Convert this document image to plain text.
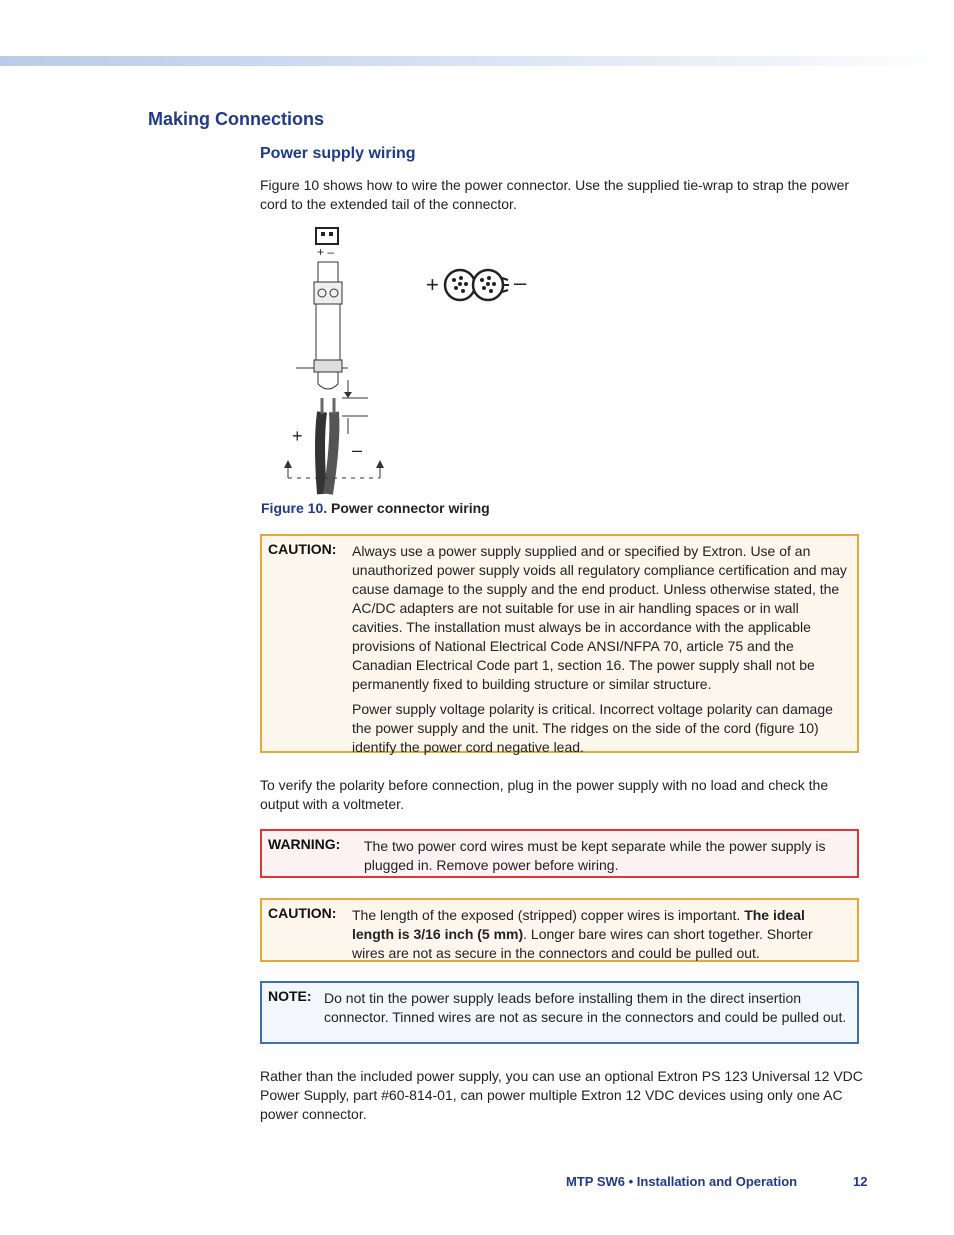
Making Connections
Power supply wiring
Figure 10 shows how to wire the power connector. Use the supplied tie-wrap to strap the power cord to the extended tail of the connector.
+ –
+
–
+	–
Figure 10. Power connector wiring
CAUTION: Always use a power supply supplied and or specified by Extron. Use of an unauthorized power supply voids all regulatory compliance certification and may cause damage to the supply and the end product. Unless otherwise stated, the AC/DC adapters are not suitable for use in air handling spaces or in wall cavities. The installation must always be in accordance with the applicable provisions of National Electrical Code ANSI/NFPA 70, article 75 and the Canadian Electrical Code part 1, section 16. The power supply shall not be permanently fixed to building structure or similar structure.

Power supply voltage polarity is critical. Incorrect voltage polarity can damage the power supply and the unit. The ridges on the side of the cord (figure 10) identify the power cord negative lead.

To verify the polarity before connection, plug in the power supply with no load and check the output with a voltmeter.
WARNING: The two power cord wires must be kept separate while the power supply is plugged in. Remove power before wiring.
CAUTION: The length of the exposed (stripped) copper wires is important. The ideal length is 3/16 inch (5 mm). Longer bare wires can short together. Shorter wires are not as secure in the connectors and could be pulled out.
NOTE: Do not tin the power supply leads before installing them in the direct insertion connector. Tinned wires are not as secure in the connectors and could be pulled out.
Rather than the included power supply, you can use an optional Extron PS 123 Universal 12 VDC Power Supply, part #60-814-01, can power multiple Extron 12 VDC devices using only one AC power connector.
MTP SW6 • Installation and Operation	12
